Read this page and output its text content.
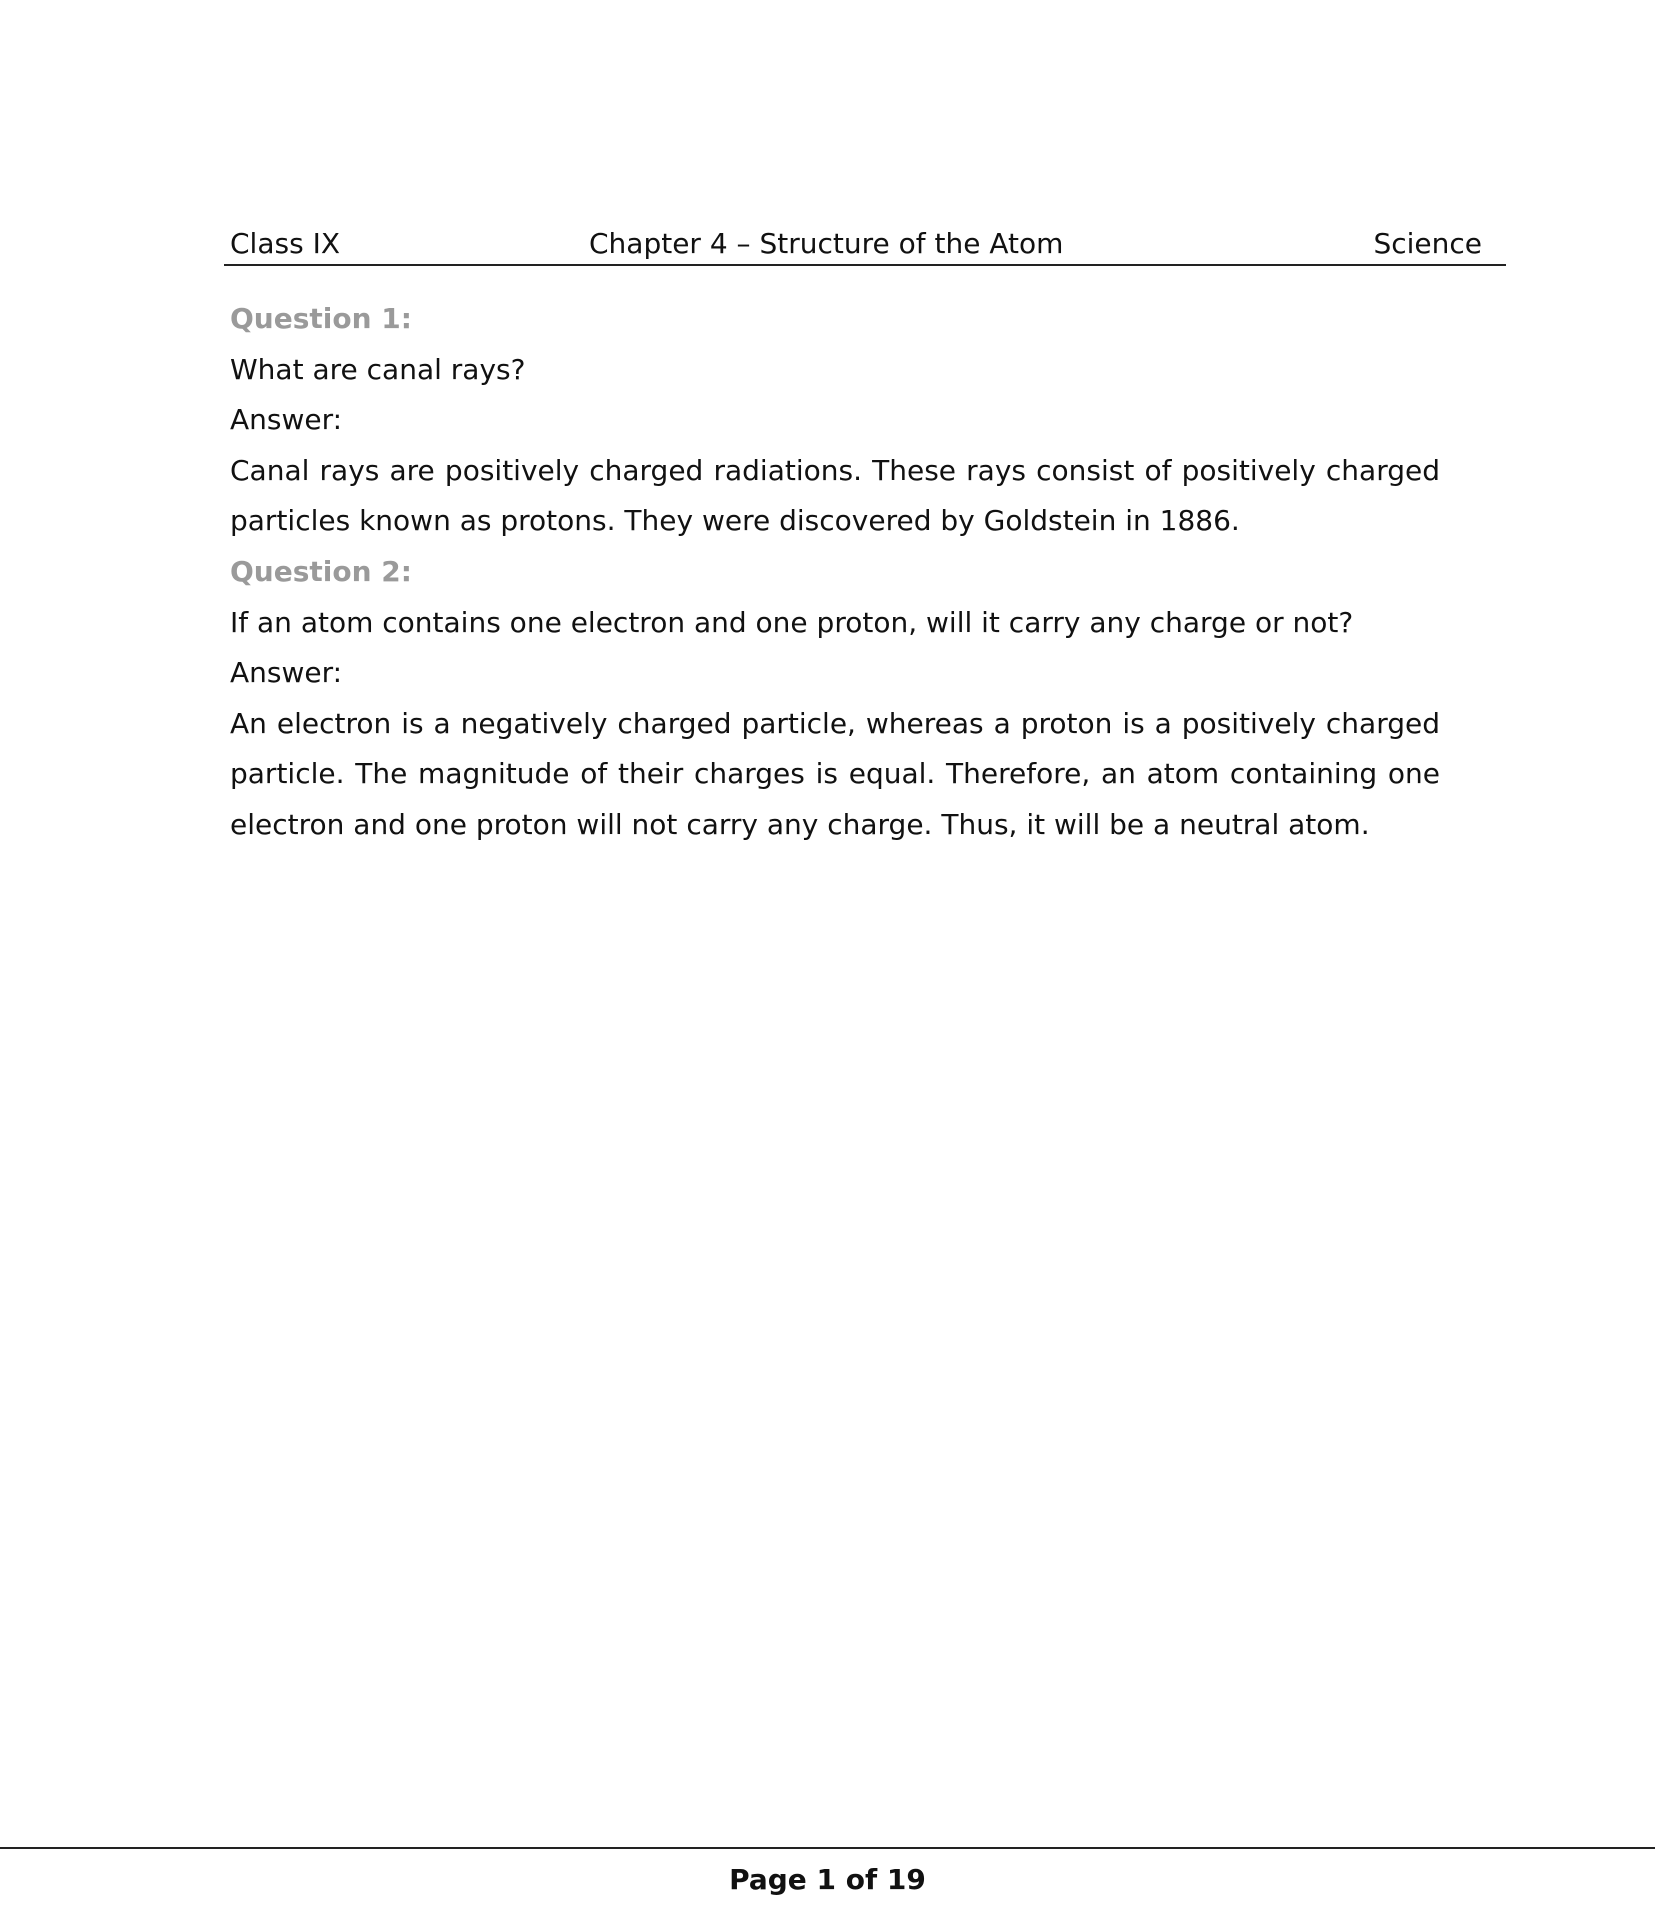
Class IX	Chapter 4 – Structure of the Atom	Science

Question 1:

What are canal rays?

Answer:

Canal rays are positively charged radiations. These rays consist of positively charged particles known as protons. They were discovered by Goldstein in 1886.

Question 2:

If an atom contains one electron and one proton, will it carry any charge or not?

Answer:

An electron is a negatively charged particle, whereas a proton is a positively charged particle. The magnitude of their charges is equal. Therefore, an atom containing one electron and one proton will not carry any charge. Thus, it will be a neutral atom.

Page 1 of 19
